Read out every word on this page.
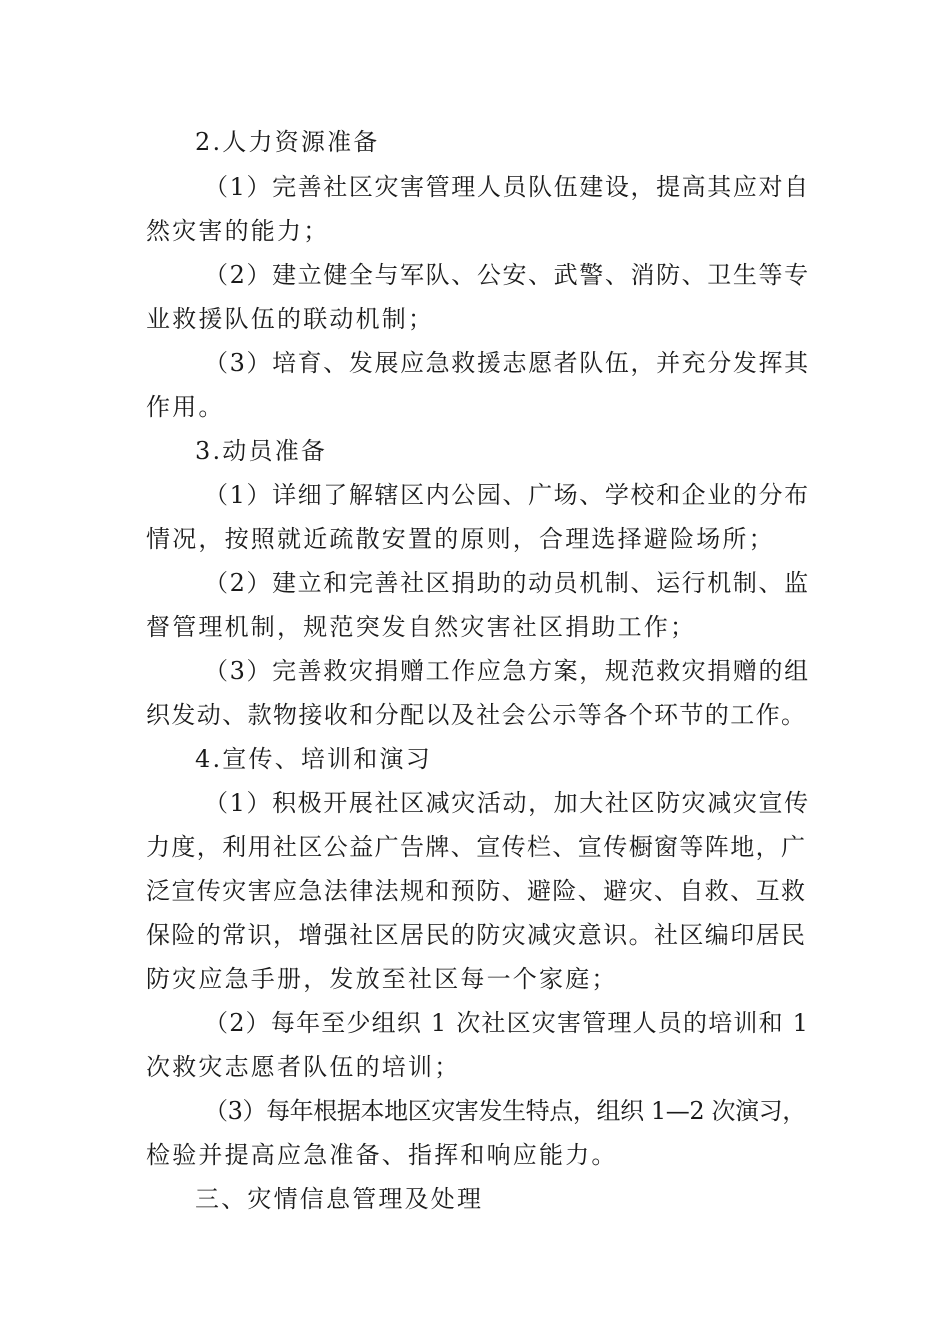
2.人力资源准备
（1）完善社区灾害管理人员队伍建设，提高其应对自
然灾害的能力；
（2）建立健全与军队、公安、武警、消防、卫生等专
业救援队伍的联动机制；
（3）培育、发展应急救援志愿者队伍，并充分发挥其
作用。
3.动员准备
（1）详细了解辖区内公园、广场、学校和企业的分布
情况，按照就近疏散安置的原则，合理选择避险场所；
（2）建立和完善社区捐助的动员机制、运行机制、监
督管理机制，规范突发自然灾害社区捐助工作；
（3）完善救灾捐赠工作应急方案，规范救灾捐赠的组
织发动、款物接收和分配以及社会公示等各个环节的工作。
4.宣传、培训和演习
（1）积极开展社区减灾活动，加大社区防灾减灾宣传
力度，利用社区公益广告牌、宣传栏、宣传橱窗等阵地，广
泛宣传灾害应急法律法规和预防、避险、避灾、自救、互救
保险的常识，增强社区居民的防灾减灾意识。社区编印居民
防灾应急手册，发放至社区每一个家庭；
（2）每年至少组织 1 次社区灾害管理人员的培训和 1
次救灾志愿者队伍的培训；
（3）每年根据本地区灾害发生特点，组织 1—2 次演习，
检验并提高应急准备、指挥和响应能力。
三、灾情信息管理及处理
